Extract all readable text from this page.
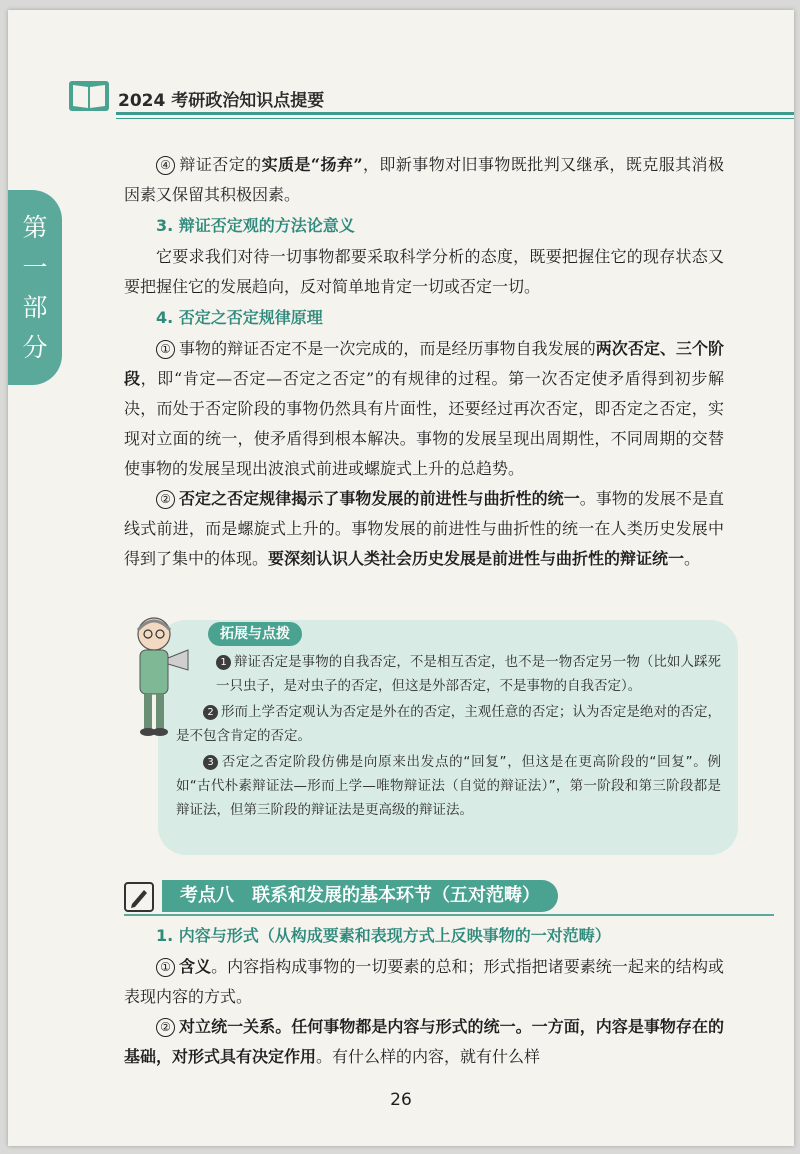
2024 考研政治知识点提要
第
一
部
分

④ 辩证否定的实质是“扬弃”，即新事物对旧事物既批判又继承，既克服其消极因素又保留其积极因素。

3. 辩证否定观的方法论意义

它要求我们对待一切事物都要采取科学分析的态度，既要把握住它的现存状态又要把握住它的发展趋向，反对简单地肯定一切或否定一切。

4. 否定之否定规律原理

① 事物的辩证否定不是一次完成的，而是经历事物自我发展的两次否定、三个阶段，即“肯定—否定—否定之否定”的有规律的过程。第一次否定使矛盾得到初步解决，而处于否定阶段的事物仍然具有片面性，还要经过再次否定，即否定之否定，实现对立面的统一，使矛盾得到根本解决。事物的发展呈现出周期性，不同周期的交替使事物的发展呈现出波浪式前进或螺旋式上升的总趋势。

② 否定之否定规律揭示了事物发展的前进性与曲折性的统一。事物的发展不是直线式前进，而是螺旋式上升的。事物发展的前进性与曲折性的统一在人类历史发展中得到了集中的体现。要深刻认识人类社会历史发展是前进性与曲折性的辩证统一。

1 辩证否定是事物的自我否定，不是相互否定，也不是一物否定另一物（比如人踩死一只虫子，是对虫子的否定，但这是外部否定，不是事物的自我否定）。

2 形而上学否定观认为否定是外在的否定，主观任意的否定；认为否定是绝对的否定，是不包含肯定的否定。

3 否定之否定阶段仿佛是向原来出发点的“回复”，但这是在更高阶段的“回复”。例如“古代朴素辩证法—形而上学—唯物辩证法（自觉的辩证法）”，第一阶段和第三阶段都是辩证法，但第三阶段的辩证法是更高级的辩证法。

拓展与点拨
考点八　联系和发展的基本环节（五对范畴）

1. 内容与形式（从构成要素和表现方式上反映事物的一对范畴）

① 含义。内容指构成事物的一切要素的总和；形式指把诸要素统一起来的结构或表现内容的方式。

② 对立统一关系。任何事物都是内容与形式的统一。一方面，内容是事物存在的基础，对形式具有决定作用。有什么样的内容，就有什么样

26
